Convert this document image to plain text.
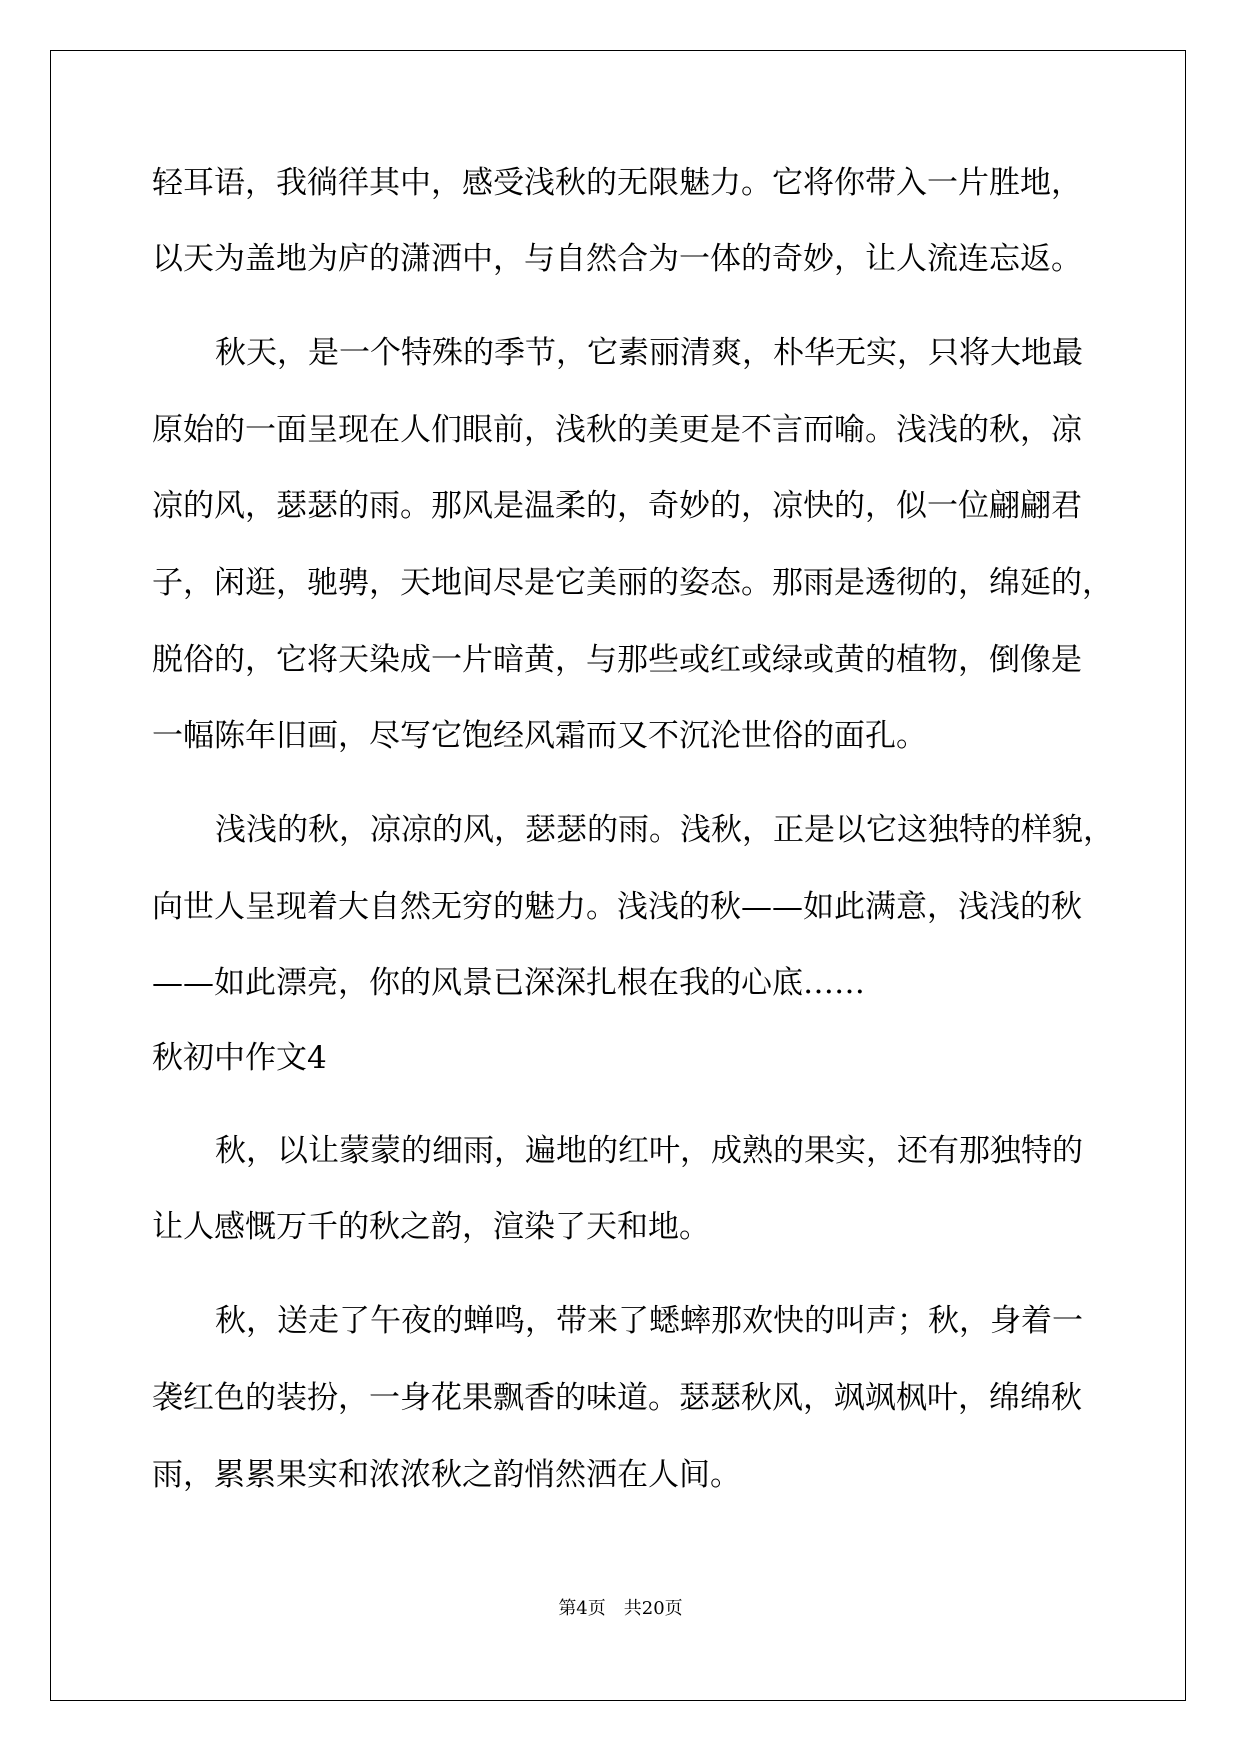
轻耳语，我徜徉其中，感受浅秋的无限魅力。它将你带入一片胜地，
以天为盖地为庐的潇洒中，与自然合为一体的奇妙，让人流连忘返。
秋天，是一个特殊的季节，它素丽清爽，朴华无实，只将大地最
原始的一面呈现在人们眼前，浅秋的美更是不言而喻。浅浅的秋，凉
凉的风，瑟瑟的雨。那风是温柔的，奇妙的，凉快的，似一位翩翩君
子，闲逛，驰骋，天地间尽是它美丽的姿态。那雨是透彻的，绵延的，
脱俗的，它将天染成一片暗黄，与那些或红或绿或黄的植物，倒像是
一幅陈年旧画，尽写它饱经风霜而又不沉沦世俗的面孔。
浅浅的秋，凉凉的风，瑟瑟的雨。浅秋，正是以它这独特的样貌，
向世人呈现着大自然无穷的魅力。浅浅的秋——如此满意，浅浅的秋
——如此漂亮，你的风景已深深扎根在我的心底……
秋初中作文4
秋，以让蒙蒙的细雨，遍地的红叶，成熟的果实，还有那独特的
让人感慨万千的秋之韵，渲染了天和地。
秋，送走了午夜的蝉鸣，带来了蟋蟀那欢快的叫声；秋，身着一
袭红色的装扮，一身花果飘香的味道。瑟瑟秋风，飒飒枫叶，绵绵秋
雨，累累果实和浓浓秋之韵悄然洒在人间。
第4页　共20页
